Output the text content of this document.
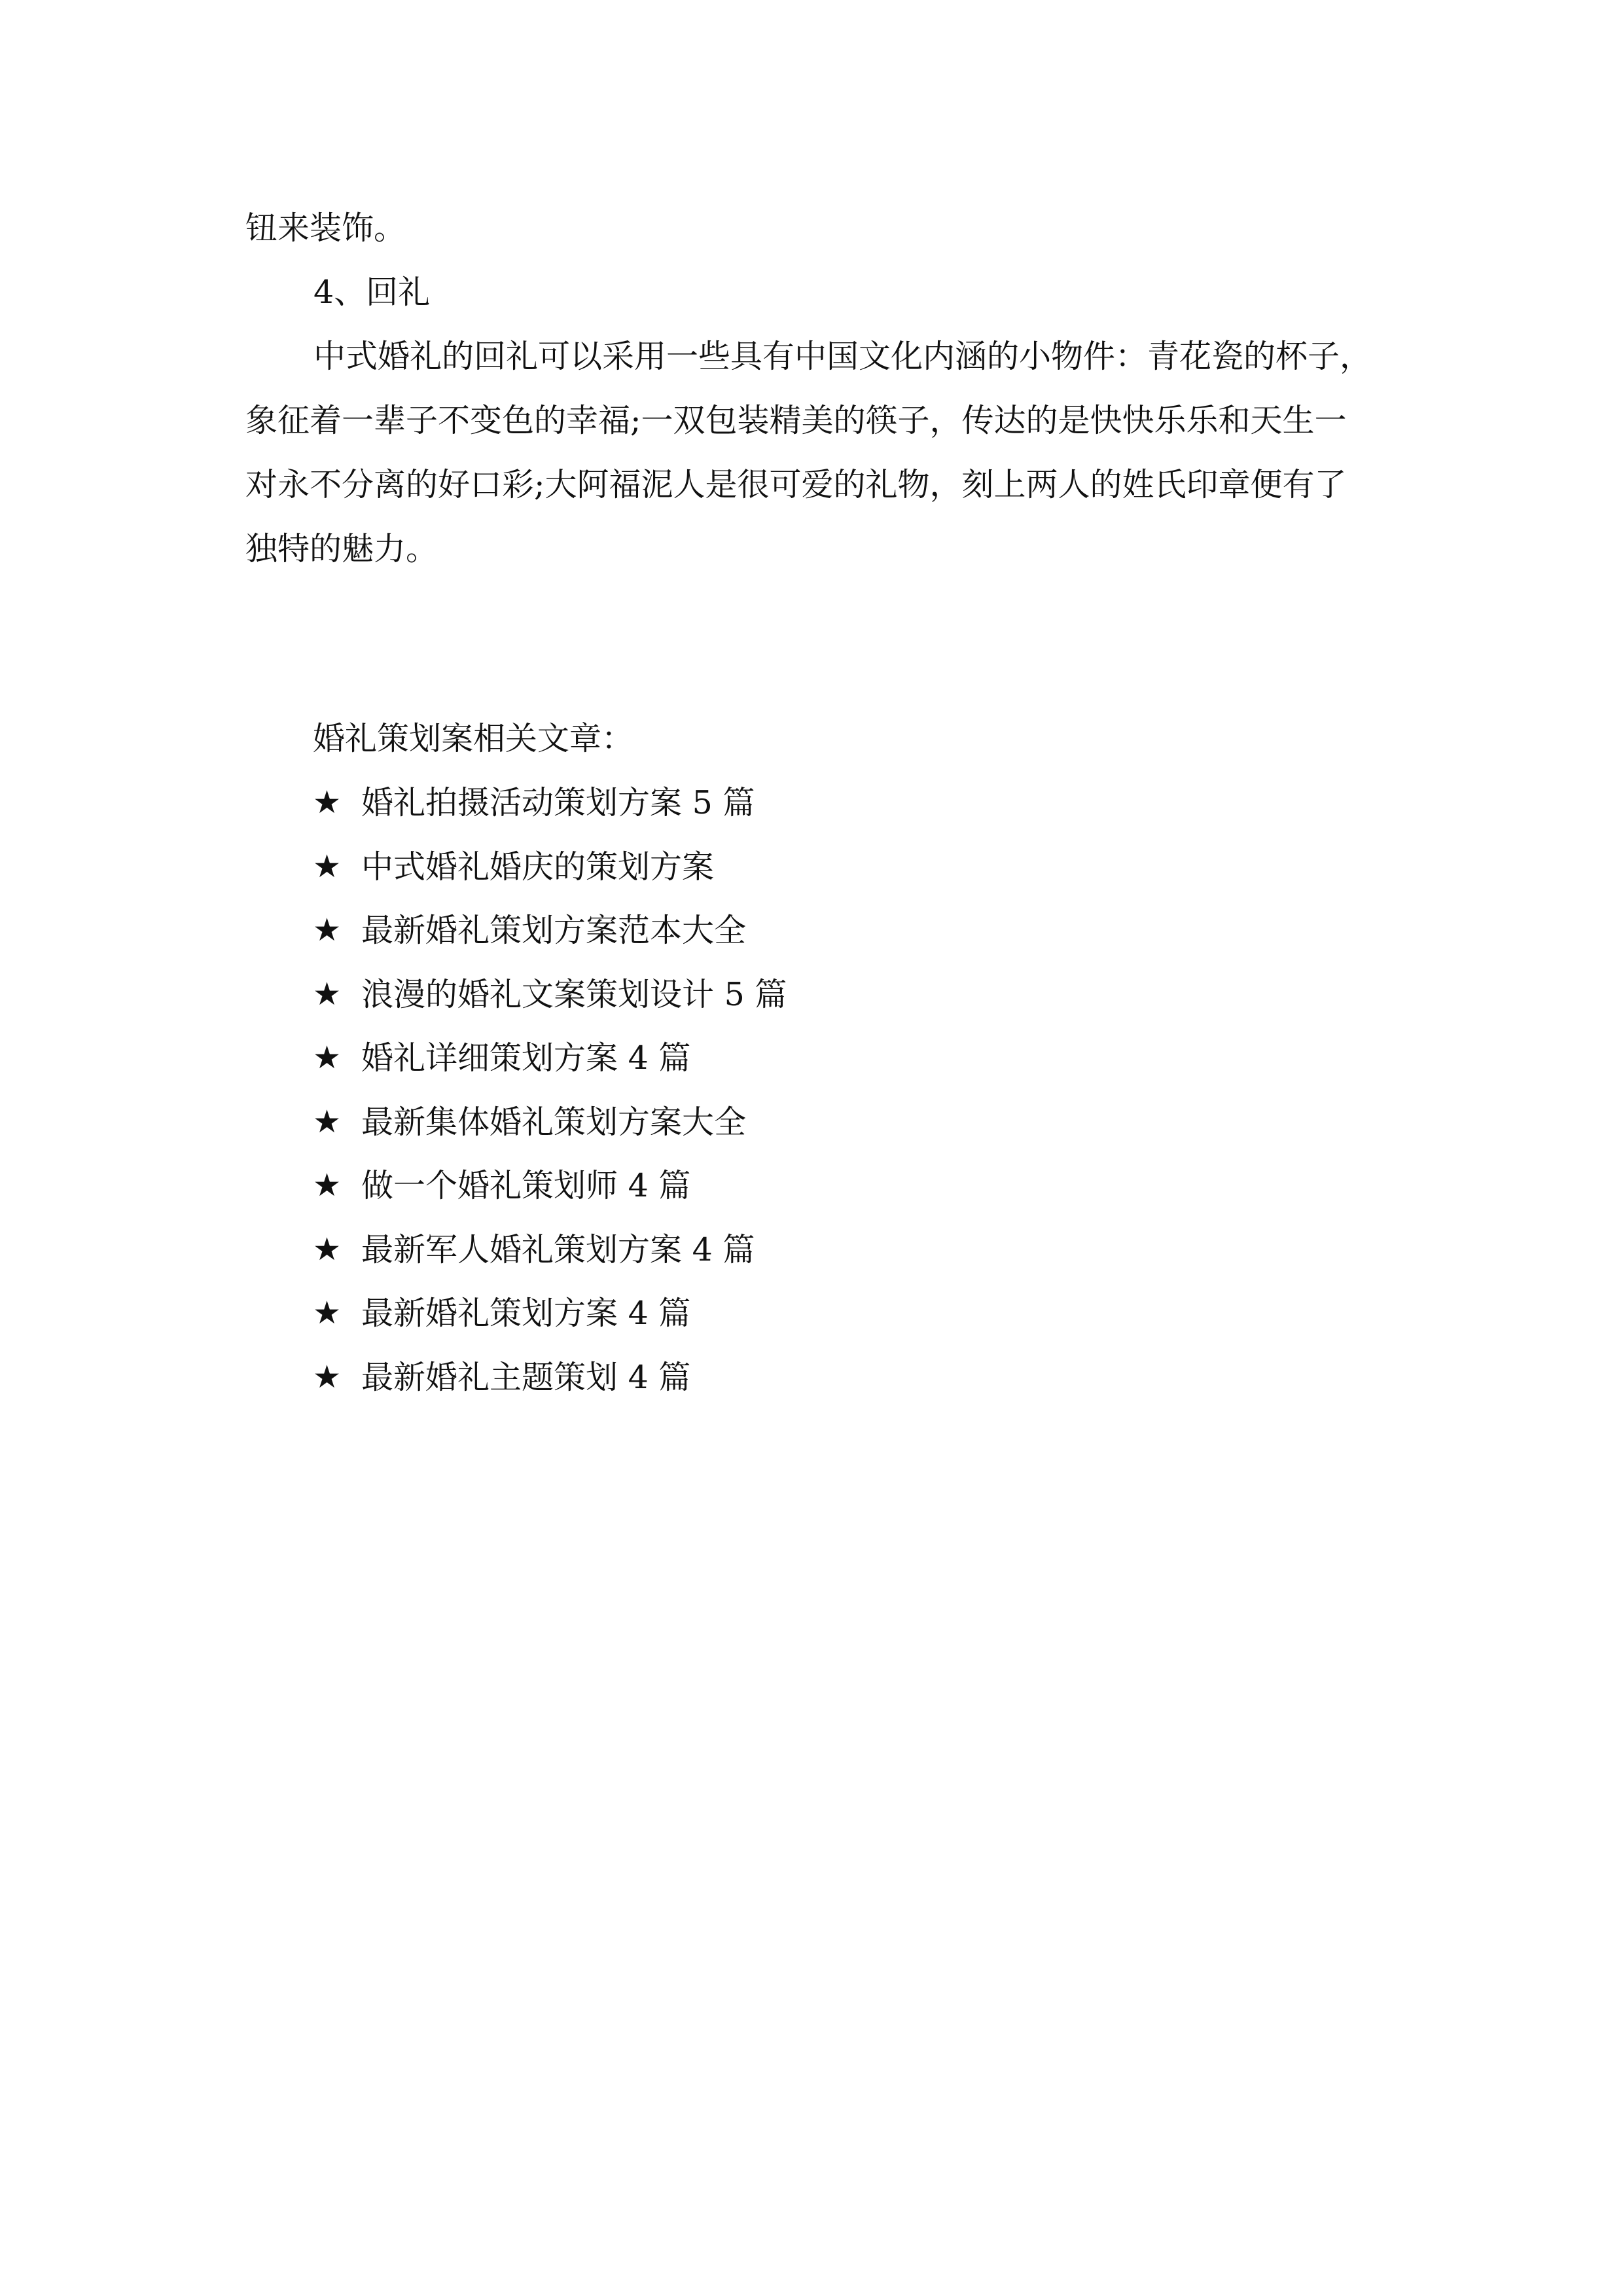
钮来装饰。
4、回礼
中式婚礼的回礼可以采用一些具有中国文化内涵的小物件：青花瓷的杯子，
象征着一辈子不变色的幸福;一双包装精美的筷子，传达的是快快乐乐和天生一
对永不分离的好口彩;大阿福泥人是很可爱的礼物，刻上两人的姓氏印章便有了
独特的魅力。
婚礼策划案相关文章：
★ 婚礼拍摄活动策划方案 5 篇
★ 中式婚礼婚庆的策划方案
★ 最新婚礼策划方案范本大全
★ 浪漫的婚礼文案策划设计 5 篇
★ 婚礼详细策划方案 4 篇
★ 最新集体婚礼策划方案大全
★ 做一个婚礼策划师 4 篇
★ 最新军人婚礼策划方案 4 篇
★ 最新婚礼策划方案 4 篇
★ 最新婚礼主题策划 4 篇
